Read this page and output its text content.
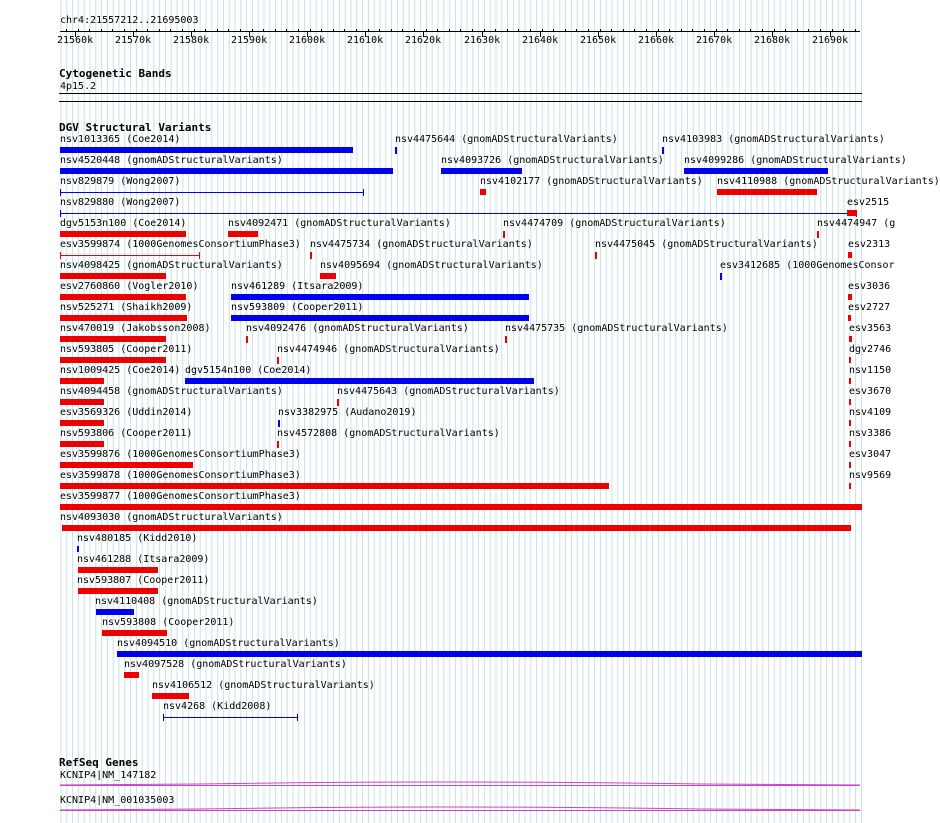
chr4:21557212..21695003
21560k 21570k 21580k 21590k 21600k 21610k 21620k 21630k 21640k 21650k 21660k 21670k 21680k 21690k
Cytogenetic Bands
4p15.2
DGV Structural Variants
nsv1013365 (Coe2014)	nsv4475644 (gnomADStructuralVariants)	nsv4103983 (gnomADStructuralVariants)
nsv4520448 (gnomADStructuralVariants)	nsv4093726 (gnomADStructuralVariants) nsv4099286 (gnomADStructuralVariants)
nsv829879 (Wong2007)	nsv4102177 (gnomADStructuralVariants) nsv4110988 (gnomADStructuralVariants)
nsv829880 (Wong2007)	esv2515
dgv5153n100 (Coe2014)	nsv4092471 (gnomADStructuralVariants)	nsv4474709 (gnomADStructuralVariants)	nsv4474947 (g
esv3599874 (1000GenomesConsortiumPhase3) nsv4475734 (gnomADStructuralVariants)	nsv4475045 (gnomADStructuralVariants)	esv2313
nsv4098425 (gnomADStructuralVariants)	nsv4095694 (gnomADStructuralVariants)	esv3412685 (1000GenomesConsor
esv2760860 (Vogler2010)	nsv461289 (Itsara2009)	esv3036
nsv525271 (Shaikh2009)	nsv593809 (Cooper2011)	esv2727
nsv470019 (Jakobsson2008)	nsv4092476 (gnomADStructuralVariants)	nsv4475735 (gnomADStructuralVariants)	esv3563
nsv593805 (Cooper2011)	nsv4474946 (gnomADStructuralVariants)	dgv2746
nsv1009425 (Coe2014) dgv5154n100 (Coe2014)	nsv1150
nsv4094458 (gnomADStructuralVariants)	nsv4475643 (gnomADStructuralVariants)	esv3670
esv3569326 (Uddin2014)	nsv3382975 (Audano2019)	nsv4109
nsv593806 (Cooper2011)	nsv4572808 (gnomADStructuralVariants)	nsv3386
esv3599876 (1000GenomesConsortiumPhase3)	esv3047
esv3599878 (1000GenomesConsortiumPhase3)	nsv9569
esv3599877 (1000GenomesConsortiumPhase3)
nsv4093030 (gnomADStructuralVariants)
nsv480185 (Kidd2010)
nsv461288 (Itsara2009)
nsv593807 (Cooper2011)
nsv4110408 (gnomADStructuralVariants)
nsv593808 (Cooper2011)
nsv4094510 (gnomADStructuralVariants)
nsv4097528 (gnomADStructuralVariants)
nsv4106512 (gnomADStructuralVariants)
nsv4268 (Kidd2008)
RefSeq Genes
KCNIP4|NM_147182
KCNIP4|NM_001035003
